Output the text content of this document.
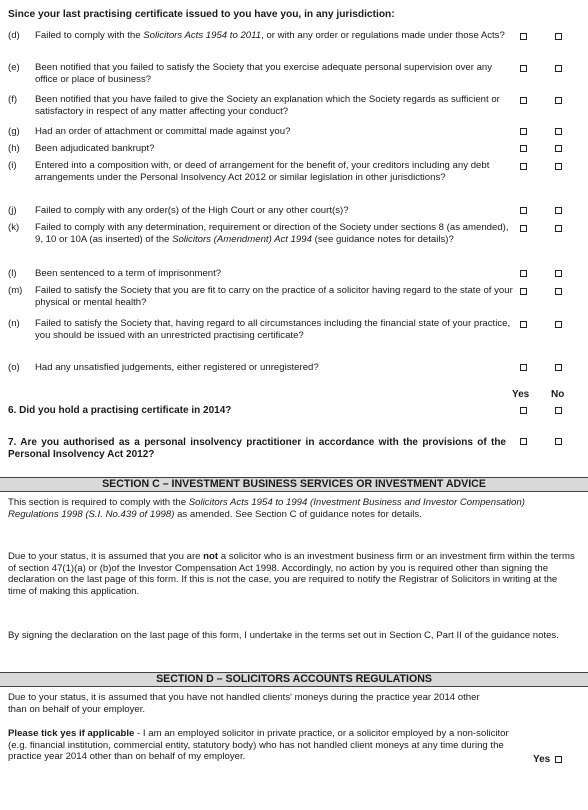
Since your last practising certificate issued to you have you, in any jurisdiction:
(d)	Failed to comply with the Solicitors Acts 1954 to 2011, or with any order or regulations made under those Acts?
(e)	Been notified that you failed to satisfy the Society that you exercise adequate personal supervision over any office or place of business?
(f)	Been notified that you have failed to give the Society an explanation which the Society regards as sufficient or satisfactory in respect of any matter affecting your conduct?
(g)	Had an order of attachment or committal made against you?
(h)	Been adjudicated bankrupt?
(i)	Entered into a composition with, or deed of arrangement for the benefit of, your creditors including any debt arrangements under the Personal Insolvency Act 2012 or similar legislation in other jurisdictions?
(j)	Failed to comply with any order(s) of the High Court or any other court(s)?
(k)	Failed to comply with any determination, requirement or direction of the Society under sections 8 (as amended), 9, 10 or 10A (as inserted) of the Solicitors (Amendment) Act 1994 (see guidance notes for details)?
(l)	Been sentenced to a term of imprisonment?
(m)	Failed to satisfy the Society that you are fit to carry on the practice of a solicitor having regard to the state of your physical or mental health?
(n)	Failed to satisfy the Society that, having regard to all circumstances including the financial state of your practice, you should be issued with an unrestricted practising certificate?
(o)	Had any unsatisfied judgements, either registered or unregistered?
Yes No
6. Did you hold a practising certificate in 2014?
7. Are you authorised as a personal insolvency practitioner in accordance with the provisions of the Personal Insolvency Act 2012?
SECTION C – INVESTMENT BUSINESS SERVICES OR INVESTMENT ADVICE
This section is required to comply with the Solicitors Acts 1954 to 1994 (Investment Business and Investor Compensation) Regulations 1998 (S.I. No.439 of 1998) as amended. See Section C of guidance notes for details.
Due to your status, it is assumed that you are not a solicitor who is an investment business firm or an investment firm within the terms of section 47(1)(a) or (b)of the Investor Compensation Act 1998. Accordingly, no action by you is required other than signing the declaration on the last page of this form. If this is not the case, you are required to notify the Registrar of Solicitors in writing at the time of making this application.
By signing the declaration on the last page of this form, I undertake in the terms set out in Section C, Part II of the guidance notes.
SECTION D – SOLICITORS ACCOUNTS REGULATIONS
Due to your status, it is assumed that you have not handled clients' moneys during the practice year 2014 other than on behalf of your employer.
Please tick yes if applicable - I am an employed solicitor in private practice, or a solicitor employed by a non-solicitor (e.g. financial institution, commercial entity, statutory body) who has not handled client moneys at any time during the practice year 2014 other than on behalf of my employer.	Yes
